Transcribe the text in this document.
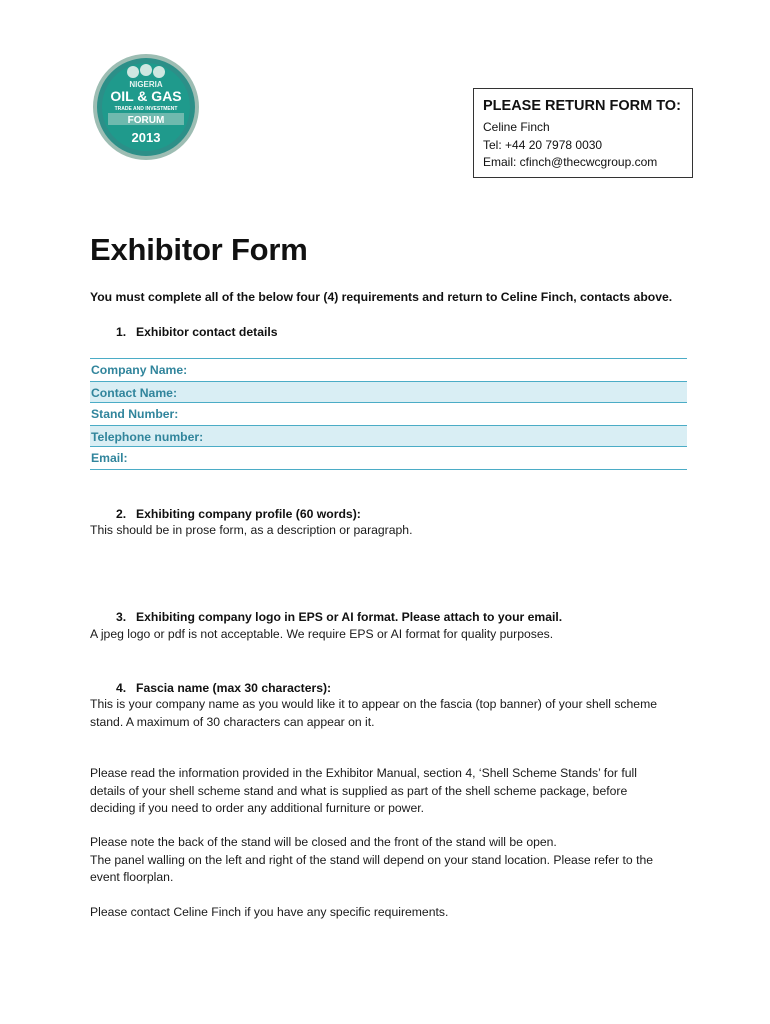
NIGERIA
OIL & GAS
TRADE AND INVESTMENT
FORUM
2013
PLEASE RETURN FORM TO:
Celine Finch
Tel: +44 20 7978 0030
Email: cfinch@thecwcgroup.com
Exhibitor Form
You must complete all of the below four (4) requirements and return to Celine Finch, contacts above.
1. Exhibitor contact details
Company Name:
Contact Name:
Stand Number:
Telephone number:
Email:
2. Exhibiting company profile (60 words):
This should be in prose form, as a description or paragraph.
3. Exhibiting company logo in EPS or AI format. Please attach to your email.
A jpeg logo or pdf is not acceptable. We require EPS or AI format for quality purposes.
4. Fascia name (max 30 characters):
This is your company name as you would like it to appear on the fascia (top banner) of your shell scheme stand. A maximum of 30 characters can appear on it.
Please read the information provided in the Exhibitor Manual, section 4, ‘Shell Scheme Stands’ for full details of your shell scheme stand and what is supplied as part of the shell scheme package, before deciding if you need to order any additional furniture or power.
Please note the back of the stand will be closed and the front of the stand will be open.
The panel walling on the left and right of the stand will depend on your stand location. Please refer to the event floorplan.
Please contact Celine Finch if you have any specific requirements.
